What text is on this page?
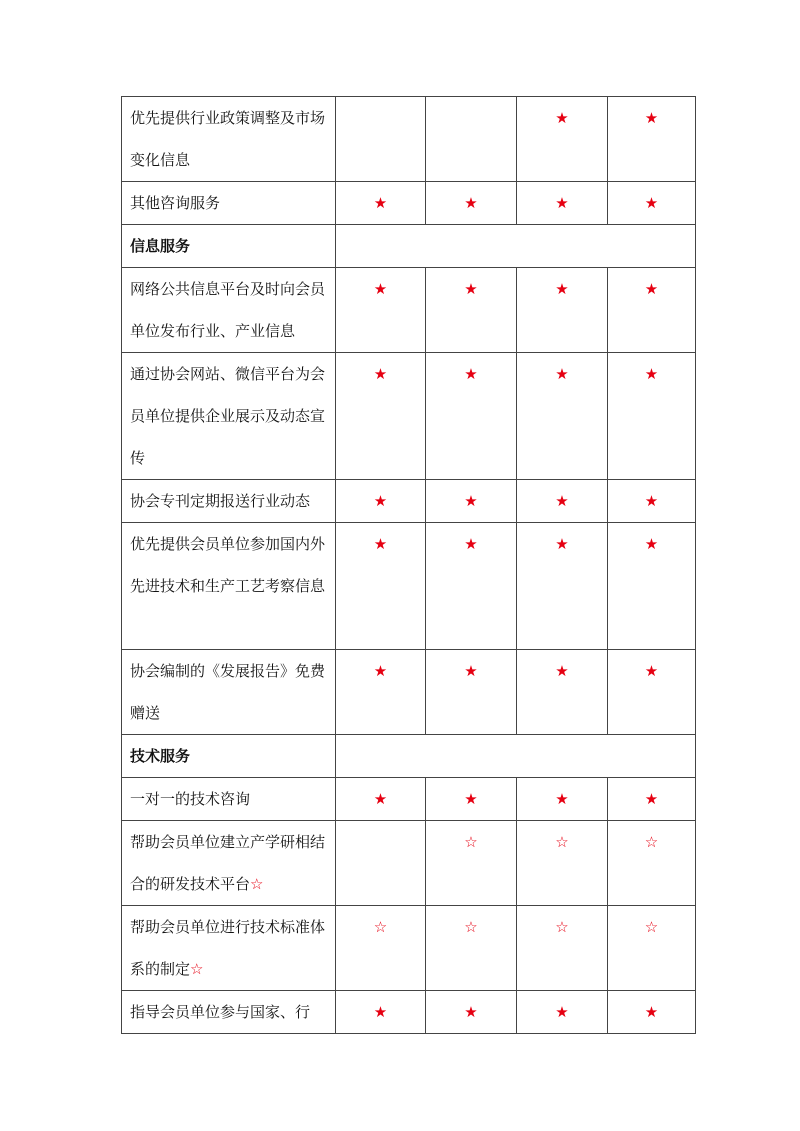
优先提供行业政策调整及市场变化信息			★	★

其他咨询服务	★	★	★	★
信息服务				

网络公共信息平台及时向会员单位发布行业、产业信息	★	★	★	★

通过协会网站、微信平台为会员单位提供企业展示及动态宣传	★	★	★	★

协会专刊定期报送行业动态	★	★	★	★

优先提供会员单位参加国内外先进技术和生产工艺考察信息	★	★	★	★

协会编制的《发展报告》免费赠送	★	★	★	★
技术服务				

一对一的技术咨询	★	★	★	★

帮助会员单位建立产学研相结合的研发技术平台☆		☆	☆	☆

帮助会员单位进行技术标准体系的制定☆	☆	☆	☆	☆

指导会员单位参与国家、行	★	★	★	★
